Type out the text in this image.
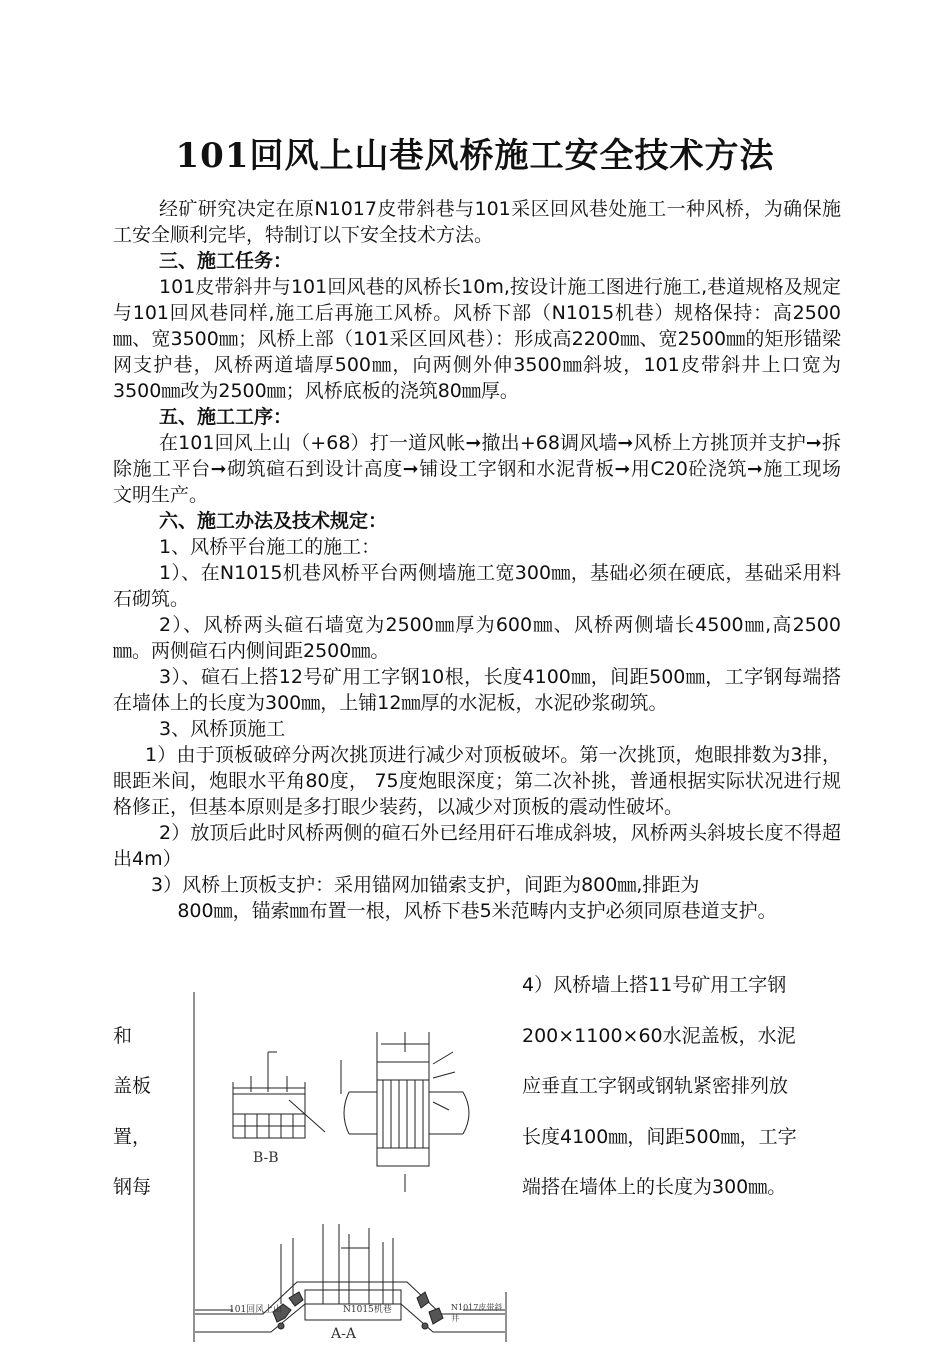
101回风上山巷风桥施工安全技术方法

经矿研究决定在原N1017皮带斜巷与101采区回风巷处施工一种风桥，为确保施工安全顺利完毕，特制订以下安全技术方法。

三、施工任务：

101皮带斜井与101回风巷的风桥长10m,按设计施工图进行施工,巷道规格及规定与101回风巷同样,施工后再施工风桥。风桥下部（N1015机巷）规格保持：高2500㎜、宽3500㎜；风桥上部（101采区回风巷）：形成高2200㎜、宽2500㎜的矩形锚梁网支护巷，风桥两道墙厚500㎜，向两侧外伸3500㎜斜坡，101皮带斜井上口宽为3500㎜改为2500㎜；风桥底板的浇筑80㎜厚。

五、施工工序：

在101回风上山（+68）打一道风帐➞撤出+68调风墙➞风桥上方挑顶并支护➞拆除施工平台➞砌筑碹石到设计高度➞铺设工字钢和水泥背板➞用C20砼浇筑➞施工现场文明生产。

六、施工办法及技术规定：

1、风桥平台施工的施工：

1）、在N1015机巷风桥平台两侧墙施工宽300㎜，基础必须在硬底，基础采用料石砌筑。

2）、风桥两头碹石墙宽为2500㎜厚为600㎜、风桥两侧墙长4500㎜,高2500㎜。两侧碹石内侧间距2500㎜。

3）、碹石上搭12号矿用工字钢10根，长度4100㎜，间距500㎜，工字钢每端搭在墙体上的长度为300㎜，上铺12㎜厚的水泥板，水泥砂浆砌筑。

3、风桥顶施工

1）由于顶板破碎分两次挑顶进行减少对顶板破坏。第一次挑顶，炮眼排数为3排，眼距米间，炮眼水平角80度， 75度炮眼深度；第二次补挑，普通根据实际状况进行规格修正，但基本原则是多打眼少装药，以减少对顶板的震动性破坏。

2）放顶后此时风桥两侧的碹石外已经用矸石堆成斜坡，风桥两头斜坡长度不得超出4m）

3）风桥上顶板支护：采用锚网加锚索支护，间距为800㎜,排距为

800㎜，锚索㎜布置一根，风桥下巷5米范畴内支护必须同原巷道支护。

4）风桥墙上搭11号矿用工字钢
200×1100×60水泥盖板，水泥
应垂直工字钢或钢轨紧密排列放
长度4100㎜，间距500㎜，工字
端搭在墙体上的长度为300㎜。
和
盖板
置，
钢每
B-B
A-A
101回风上山	N1015机巷	N1017皮带斜井
